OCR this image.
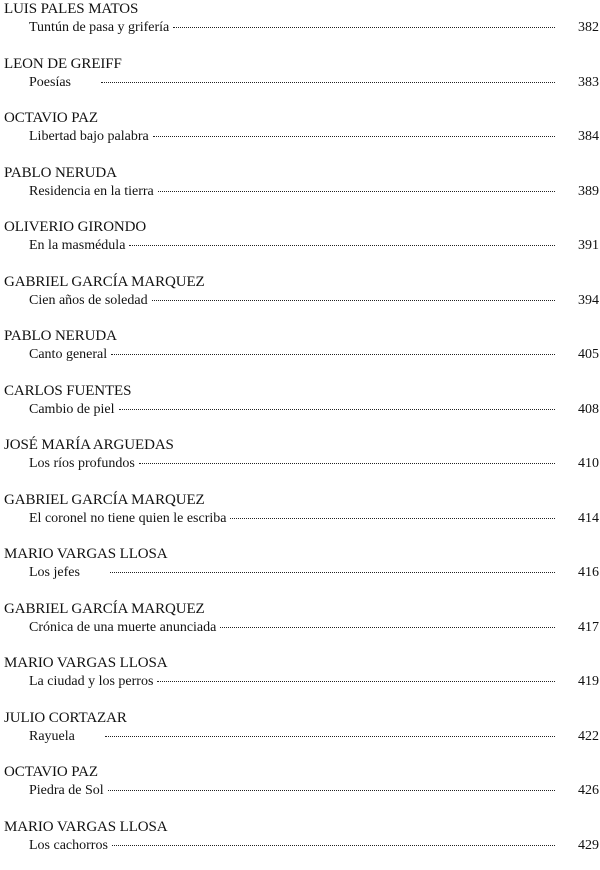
LUIS PALES MATOS
Tuntún de pasa y grifería	382
LEON DE GREIFF
Poesías	383
OCTAVIO PAZ
Libertad bajo palabra	384
PABLO NERUDA
Residencia en la tierra	389
OLIVERIO GIRONDO
En la masmédula	391
GABRIEL GARCÍA MARQUEZ
Cien años de soledad	394
PABLO NERUDA
Canto general	405
CARLOS FUENTES
Cambio de piel	408
JOSÉ MARÍA ARGUEDAS
Los ríos profundos	410
GABRIEL GARCÍA MARQUEZ
El coronel no tiene quien le escriba	414
MARIO VARGAS LLOSA
Los jefes	416
GABRIEL GARCÍA MARQUEZ
Crónica de una muerte anunciada	417
MARIO VARGAS LLOSA
La ciudad y los perros	419
JULIO CORTAZAR
Rayuela	422
OCTAVIO PAZ
Piedra de Sol	426
MARIO VARGAS LLOSA
Los cachorros	429
